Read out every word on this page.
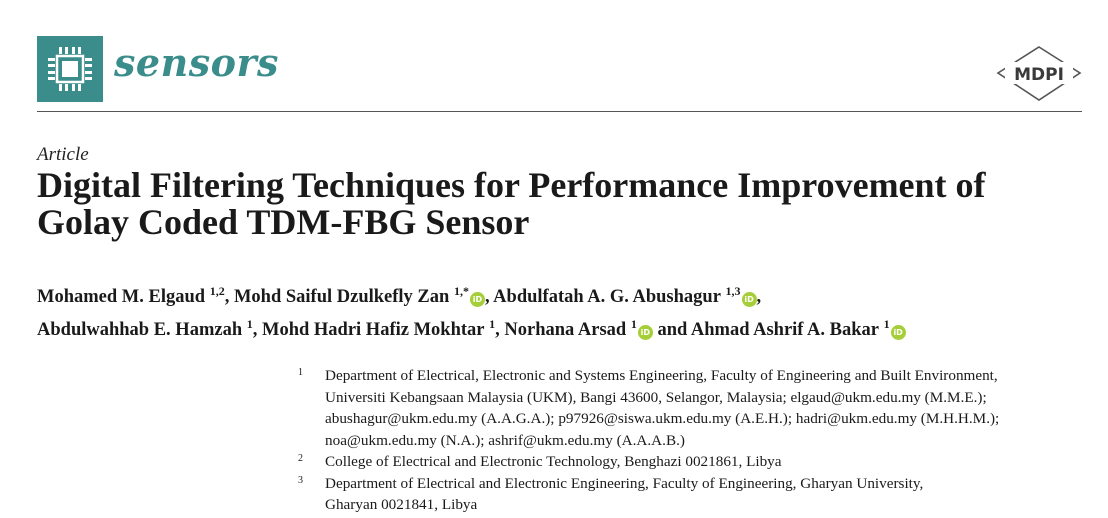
sensors	MDPI
Article
Digital Filtering Techniques for Performance Improvement of
Golay Coded TDM-FBG Sensor
Mohamed M. Elgaud $^{1,2}$, Mohd Saiful Dzulkefly Zan $^{1,*}$iD , Abdulfatah A. G. Abushagur $^{1,3}$iD ,
Abdulwahhab E. Hamzah $^1$, Mohd Hadri Hafiz Mokhtar $^1$, Norhana Arsad $^1$iD and Ahmad Ashrif A. Bakar $^1$iD
1 Department of Electrical, Electronic and Systems Engineering, Faculty of Engineering and Built Environment,
Universiti Kebangsaan Malaysia (UKM), Bangi 43600, Selangor, Malaysia; elgaud@ukm.edu.my (M.M.E.);
abushagur@ukm.edu.my (A.A.G.A.); p97926@siswa.ukm.edu.my (A.E.H.); hadri@ukm.edu.my (M.H.H.M.);
noa@ukm.edu.my (N.A.); ashrif@ukm.edu.my (A.A.A.B.)
2 College of Electrical and Electronic Technology, Benghazi 0021861, Libya
3 Department of Electrical and Electronic Engineering, Faculty of Engineering, Gharyan University,
Gharyan 0021841, Libya
